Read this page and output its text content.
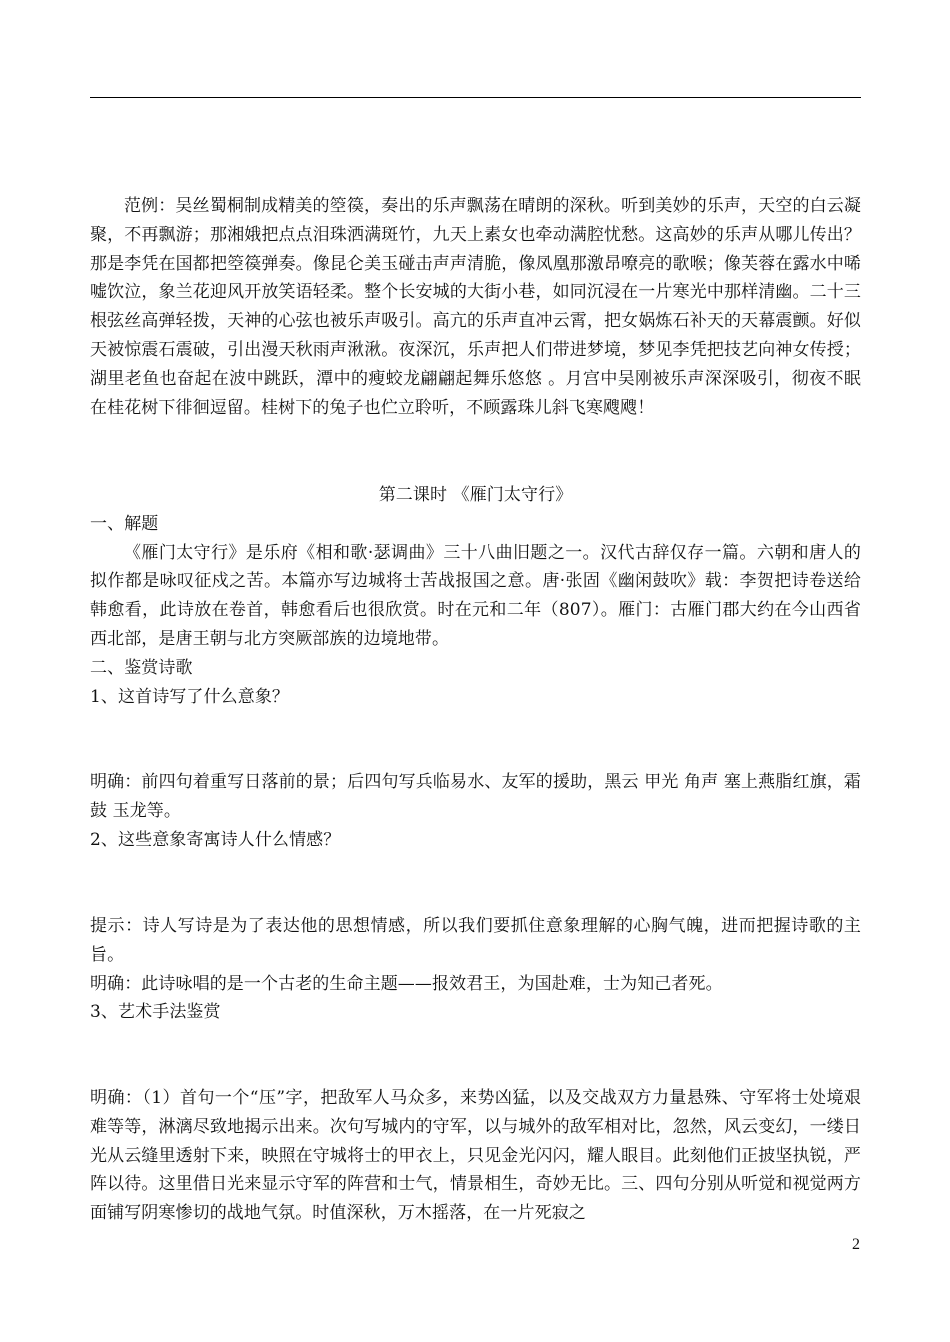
范例：吴丝蜀桐制成精美的箜篌，奏出的乐声飘荡在晴朗的深秋。听到美妙的乐声，天空的白云凝聚，不再飘游；那湘娥把点点泪珠洒满斑竹，九天上素女也牵动满腔忧愁。这高妙的乐声从哪儿传出？那是李凭在国都把箜篌弹奏。像昆仑美玉碰击声声清脆，像凤凰那激昂嘹亮的歌喉；像芙蓉在露水中唏嘘饮泣，象兰花迎风开放笑语轻柔。整个长安城的大街小巷，如同沉浸在一片寒光中那样清幽。二十三根弦丝高弹轻拨，天神的心弦也被乐声吸引。高亢的乐声直冲云霄，把女娲炼石补天的天幕震颤。好似天被惊震石震破，引出漫天秋雨声湫湫。夜深沉，乐声把人们带进梦境，梦见李凭把技艺向神女传授；湖里老鱼也奋起在波中跳跃，潭中的瘦蛟龙翩翩起舞乐悠悠 。月宫中吴刚被乐声深深吸引，彻夜不眠在桂花树下徘徊逗留。桂树下的兔子也伫立聆听，不顾露珠儿斜飞寒飕飕！

第二课时 《雁门太守行》

一、解题

《雁门太守行》是乐府《相和歌·瑟调曲》三十八曲旧题之一。汉代古辞仅存一篇。六朝和唐人的拟作都是咏叹征戍之苦。本篇亦写边城将士苦战报国之意。唐·张固《幽闲鼓吹》载：李贺把诗卷送给韩愈看，此诗放在卷首，韩愈看后也很欣赏。时在元和二年（807）。雁门：古雁门郡大约在今山西省西北部，是唐王朝与北方突厥部族的边境地带。

二、鉴赏诗歌

1、这首诗写了什么意象？

明确：前四句着重写日落前的景；后四句写兵临易水、友军的援助，黑云 甲光 角声 塞上燕脂红旗，霜鼓 玉龙等。

2、这些意象寄寓诗人什么情感？

提示：诗人写诗是为了表达他的思想情感，所以我们要抓住意象理解的心胸气魄，进而把握诗歌的主旨。

明确：此诗咏唱的是一个古老的生命主题——报效君王，为国赴难，士为知己者死。

3、艺术手法鉴赏

明确：（1）首句一个“压”字，把敌军人马众多，来势凶猛，以及交战双方力量悬殊、守军将士处境艰难等等，淋漓尽致地揭示出来。次句写城内的守军，以与城外的敌军相对比，忽然，风云变幻，一缕日光从云缝里透射下来，映照在守城将士的甲衣上，只见金光闪闪，耀人眼目。此刻他们正披坚执锐，严阵以待。这里借日光来显示守军的阵营和士气，情景相生，奇妙无比。三、四句分别从听觉和视觉两方面铺写阴寒惨切的战地气氛。时值深秋，万木摇落，在一片死寂之

2
